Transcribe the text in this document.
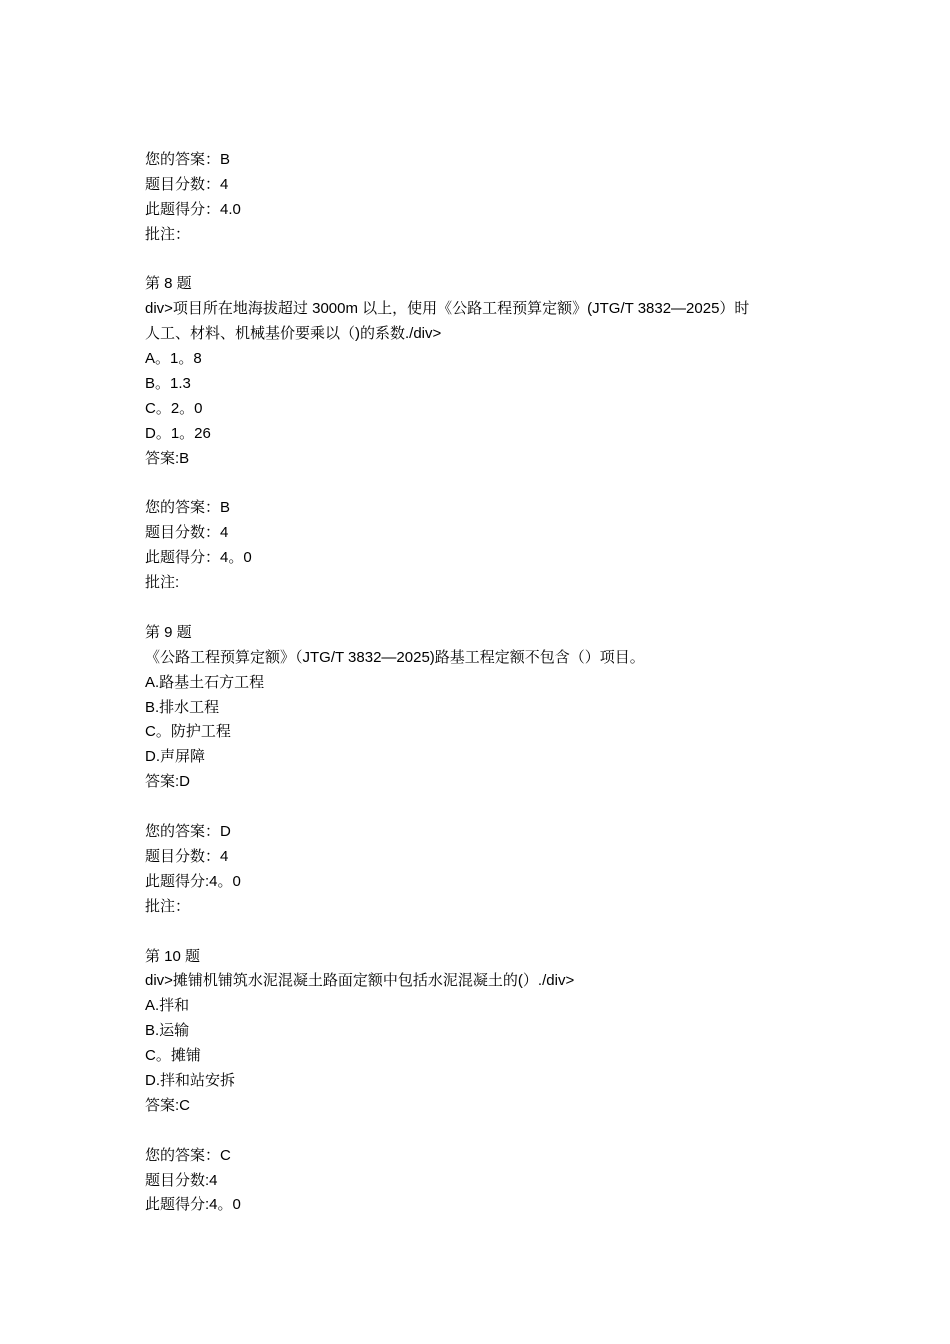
您的答案：B
题目分数：4
此题得分：4.0
批注：
第 8 题
div>项目所在地海拔超过 3000m 以上，使用《公路工程预算定额》(JTG/T 3832—2025）时
人工、材料、机械基价要乘以（)的系数./div>
A。1。8
B。1.3
C。2。0
D。1。26
答案:B
您的答案：B
题目分数：4
此题得分：4。0
批注:
第 9 题
《公路工程预算定额》（JTG/T 3832—2025)路基工程定额不包含（）项目。
A.路基土石方工程
B.排水工程
C。防护工程
D.声屏障
答案:D
您的答案：D
题目分数：4
此题得分:4。0
批注：
第 10 题
div>摊铺机铺筑水泥混凝土路面定额中包括水泥混凝土的(）./div>
A.拌和
B.运输
C。摊铺
D.拌和站安拆
答案:C
您的答案：C
题目分数:4
此题得分:4。0
